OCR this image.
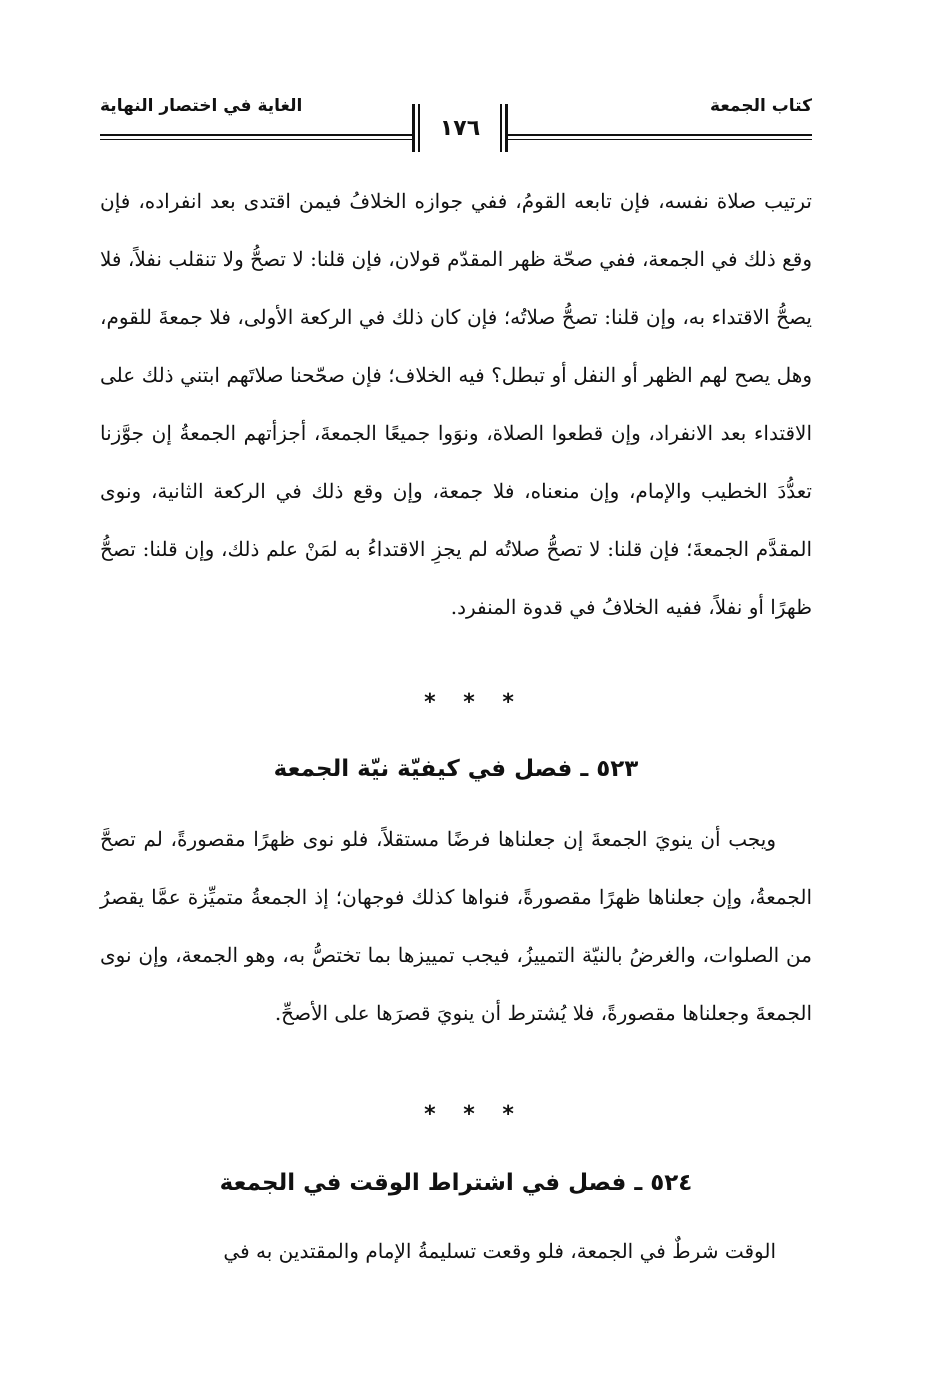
كتاب الجمعة
الغاية في اختصار النهاية
١٧٦

ترتيب صلاة نفسه، فإن تابعه القومُ، ففي جوازه الخلافُ فيمن اقتدى بعد انفراده، فإن وقع ذلك في الجمعة، ففي صحّة ظهر المقدّم قولان، فإن قلنا: لا تصحُّ ولا تنقلب نفلاً، فلا يصحُّ الاقتداء به، وإن قلنا: تصحُّ صلاتُه؛ فإن كان ذلك في الركعة الأولى، فلا جمعةَ للقوم، وهل يصح لهم الظهر أو النفل أو تبطل؟ فيه الخلاف؛ فإن صحّحنا صلاتَهم ابتني ذلك على الاقتداء بعد الانفراد، وإن قطعوا الصلاة، ونوَوا جميعًا الجمعةَ، أجزأتهم الجمعةُ إن جوَّزنا تعدُّدَ الخطيب والإمام، وإن منعناه، فلا جمعة، وإن وقع ذلك في الركعة الثانية، ونوى المقدَّم الجمعةَ؛ فإن قلنا: لا تصحُّ صلاتُه لم يجزِ الاقتداءُ به لمَنْ علم ذلك، وإن قلنا: تصحُّ ظهرًا أو نفلاً، ففيه الخلافُ في قدوة المنفرد.

* * *
٥٢٣ ـ فصل في كيفيّة نيّة الجمعة

ويجب أن ينويَ الجمعةَ إن جعلناها فرضًا مستقلاً، فلو نوى ظهرًا مقصورةً، لم تصحَّ الجمعةُ، وإن جعلناها ظهرًا مقصورةً، فنواها كذلك فوجهان؛ إذ الجمعةُ متميِّزة عمَّا يقصرُ من الصلوات، والغرضُ بالنيّة التمييزُ، فيجب تمييزها بما تختصُّ به، وهو الجمعة، وإن نوى الجمعةَ وجعلناها مقصورةً، فلا يُشترط أن ينويَ قصرَها على الأصحِّ.

* * *
٥٢٤ ـ فصل في اشتراط الوقت في الجمعة

الوقت شرطٌ في الجمعة، فلو وقعت تسليمةُ الإمام والمقتدين به في
